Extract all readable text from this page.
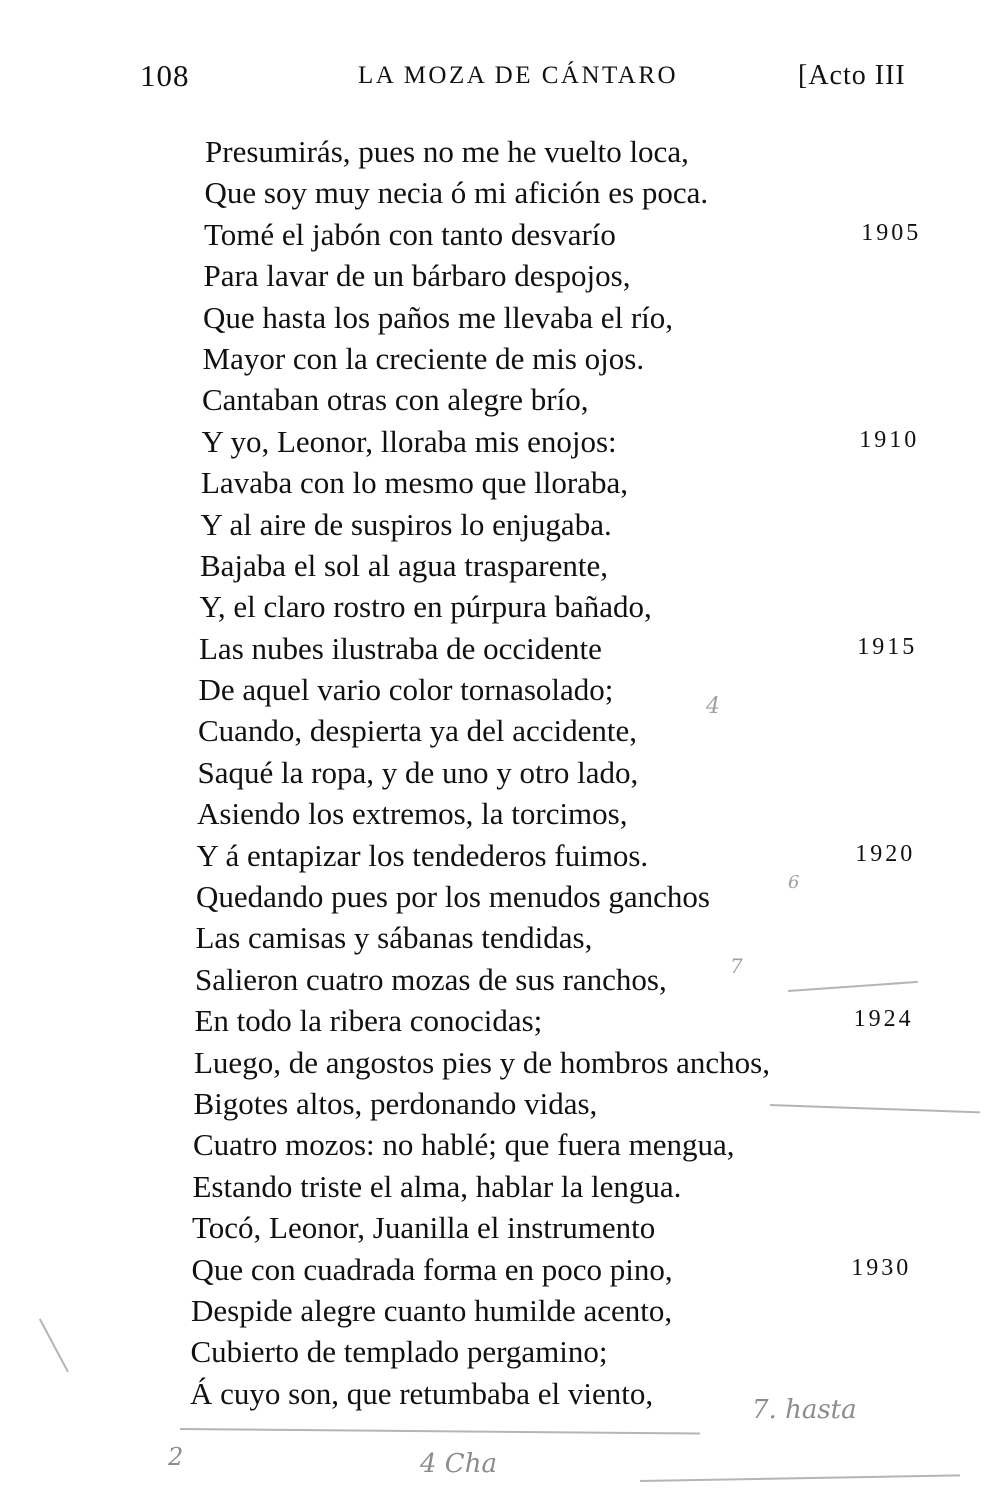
108	LA MOZA DE CÁNTARO	[Acto III
Presumirás, pues no me he vuelto loca,
Que soy muy necia ó mi afición es poca.
Tomé el jabón con tanto desvarío	1905
Para lavar de un bárbaro despojos,
Que hasta los paños me llevaba el río,
Mayor con la creciente de mis ojos.
Cantaban otras con alegre brío,
Y yo, Leonor, lloraba mis enojos:	1910
Lavaba con lo mesmo que lloraba,
Y al aire de suspiros lo enjugaba.
Bajaba el sol al agua trasparente,
Y, el claro rostro en púrpura bañado,
Las nubes ilustraba de occidente	1915
De aquel vario color tornasolado;
Cuando, despierta ya del accidente,
Saqué la ropa, y de uno y otro lado,
Asiendo los extremos, la torcimos,
Y á entapizar los tendederos fuimos.	1920
Quedando pues por los menudos ganchos
Las camisas y sábanas tendidas,
Salieron cuatro mozas de sus ranchos,
En todo la ribera conocidas;	1924
Luego, de angostos pies y de hombros anchos,
Bigotes altos, perdonando vidas,
Cuatro mozos: no hablé; que fuera mengua,
Estando triste el alma, hablar la lengua.
Tocó, Leonor, Juanilla el instrumento
Que con cuadrada forma en poco pino,	1930
Despide alegre cuanto humilde acento,
Cubierto de templado pergamino;
Á cuyo son, que retumbaba el viento,	7. hasta
2	4 Cha
4
6
7
